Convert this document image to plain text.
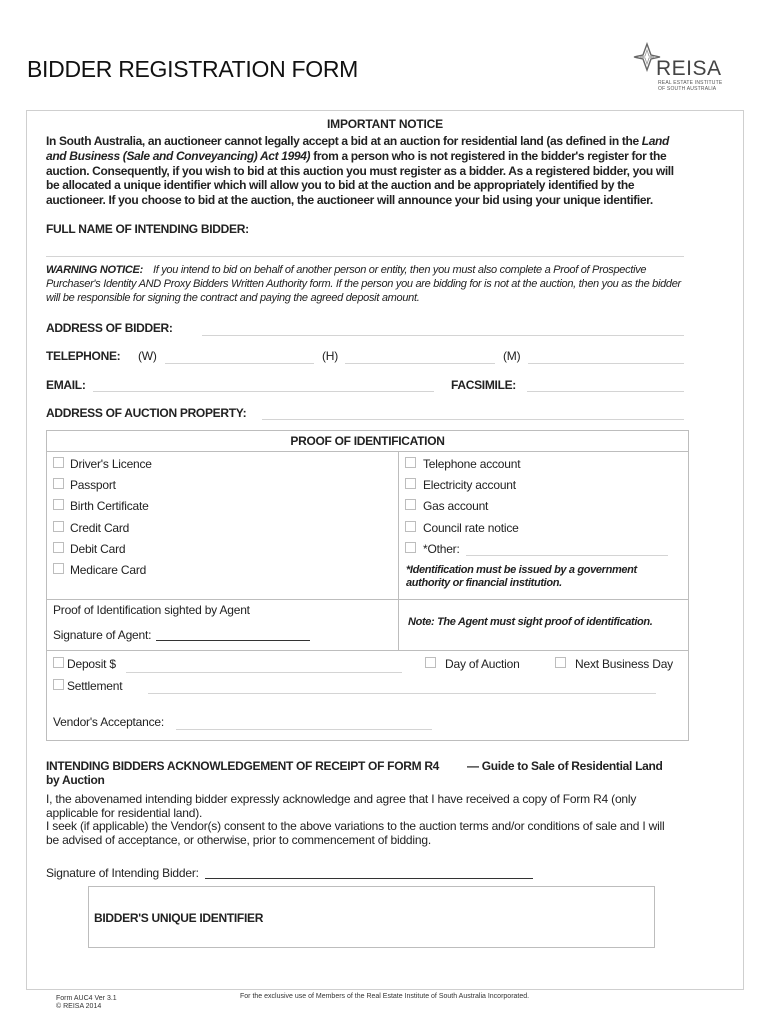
BIDDER REGISTRATION FORM	REISA
REAL ESTATE INSTITUTE
OF SOUTH AUSTRALIA
IMPORTANT NOTICE
In South Australia, an auctioneer cannot legally accept a bid at an auction for residential land (as defined in the Land and Business (Sale and Conveyancing) Act 1994) from a person who is not registered in the bidder's register for the auction. Consequently, if you wish to bid at this auction you must register as a bidder. As a registered bidder, you will be allocated a unique identifier which will allow you to bid at the auction and be appropriately identified by the auctioneer. If you choose to bid at the auction, the auctioneer will announce your bid using your unique identifier.
FULL NAME OF INTENDING BIDDER:
WARNING NOTICE: If you intend to bid on behalf of another person or entity, then you must also complete a Proof of Prospective Purchaser's Identity AND Proxy Bidders Written Authority form. If the person you are bidding for is not at the auction, then you as the bidder will be responsible for signing the contract and paying the agreed deposit amount.
ADDRESS OF BIDDER:
TELEPHONE: (W)	(H)	(M)
EMAIL:	FACSIMILE:
ADDRESS OF AUCTION PROPERTY:
PROOF OF IDENTIFICATION
Driver's Licence
Passport
Birth Certificate
Credit Card
Debit Card
Medicare Card
Telephone account
Electricity account
Gas account
Council rate notice
*Other:
*Identification must be issued by a government authority or financial institution.
Proof of Identification sighted by Agent
Signature of Agent:
Note: The Agent must sight proof of identification.
Deposit $	Day of Auction	Next Business Day
Settlement
Vendor's Acceptance:
INTENDING BIDDERS ACKNOWLEDGEMENT OF RECEIPT OF FORM R4 — Guide to Sale of Residential Land
by Auction
I, the abovenamed intending bidder expressly acknowledge and agree that I have received a copy of Form R4 (only applicable for residential land).
I seek (if applicable) the Vendor(s) consent to the above variations to the auction terms and/or conditions of sale and I will be advised of acceptance, or otherwise, prior to commencement of bidding.
Signature of Intending Bidder:
BIDDER'S UNIQUE IDENTIFIER
Form AUC4 Ver 3.1
© REISA 2014
For the exclusive use of Members of the Real Estate Institute of South Australia Incorporated.
